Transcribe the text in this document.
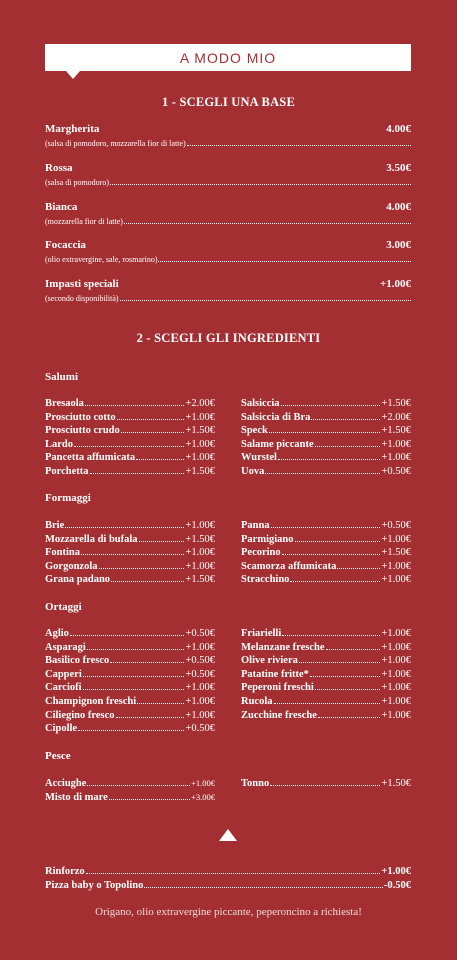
A MODO MIO
1 - SCEGLI UNA BASE
Margherita	4.00€
(salsa di pomodoro, mozzarella fior di latte)
Rossa	3.50€
(salsa di pomodoro)
Bianca	4.00€
(mozzarella fior di latte)
Focaccia	3.00€
(olio extravergine, sale, rosmarino)
Impasti speciali	+1.00€
(secondo disponibilità)
2 - SCEGLI GLI INGREDIENTI
Salumi
Bresaola	+2.00€
Prosciutto cotto	+1.00€
Prosciutto crudo	+1.50€
Lardo	+1.00€
Pancetta affumicata	+1.00€
Porchetta	+1.50€
Salsiccia	+1.50€
Salsiccia di Bra	+2.00€
Speck	+1.50€
Salame piccante	+1.00€
Wurstel	+1.00€
Uova	+0.50€
Formaggi
Brie	+1.00€
Mozzarella di bufala	+1.50€
Fontina	+1.00€
Gorgonzola	+1.00€
Grana padano	+1.50€
Panna	+0.50€
Parmigiano	+1.00€
Pecorino	+1.50€
Scamorza affumicata	+1.00€
Stracchino	+1.00€
Ortaggi
Aglio	+0.50€
Asparagi	+1.00€
Basilico fresco	+0.50€
Capperi	+0.50€
Carciofi	+1.00€
Champignon freschi	+1.00€
Ciliegino fresco	+1.00€
Cipolle	+0.50€
Friarielli	+1.00€
Melanzane fresche	+1.00€
Olive riviera	+1.00€
Patatine fritte*	+1.00€
Peperoni freschi	+1.00€
Rucola	+1.00€
Zucchine fresche	+1.00€
Pesce
Acciughe	+1.00€
Misto di mare	+3.00€
Tonno	+1.50€
Rinforzo	+1.00€
Pizza baby o Topolino	-0.50€
Origano, olio extravergine piccante, peperoncino a richiesta!
